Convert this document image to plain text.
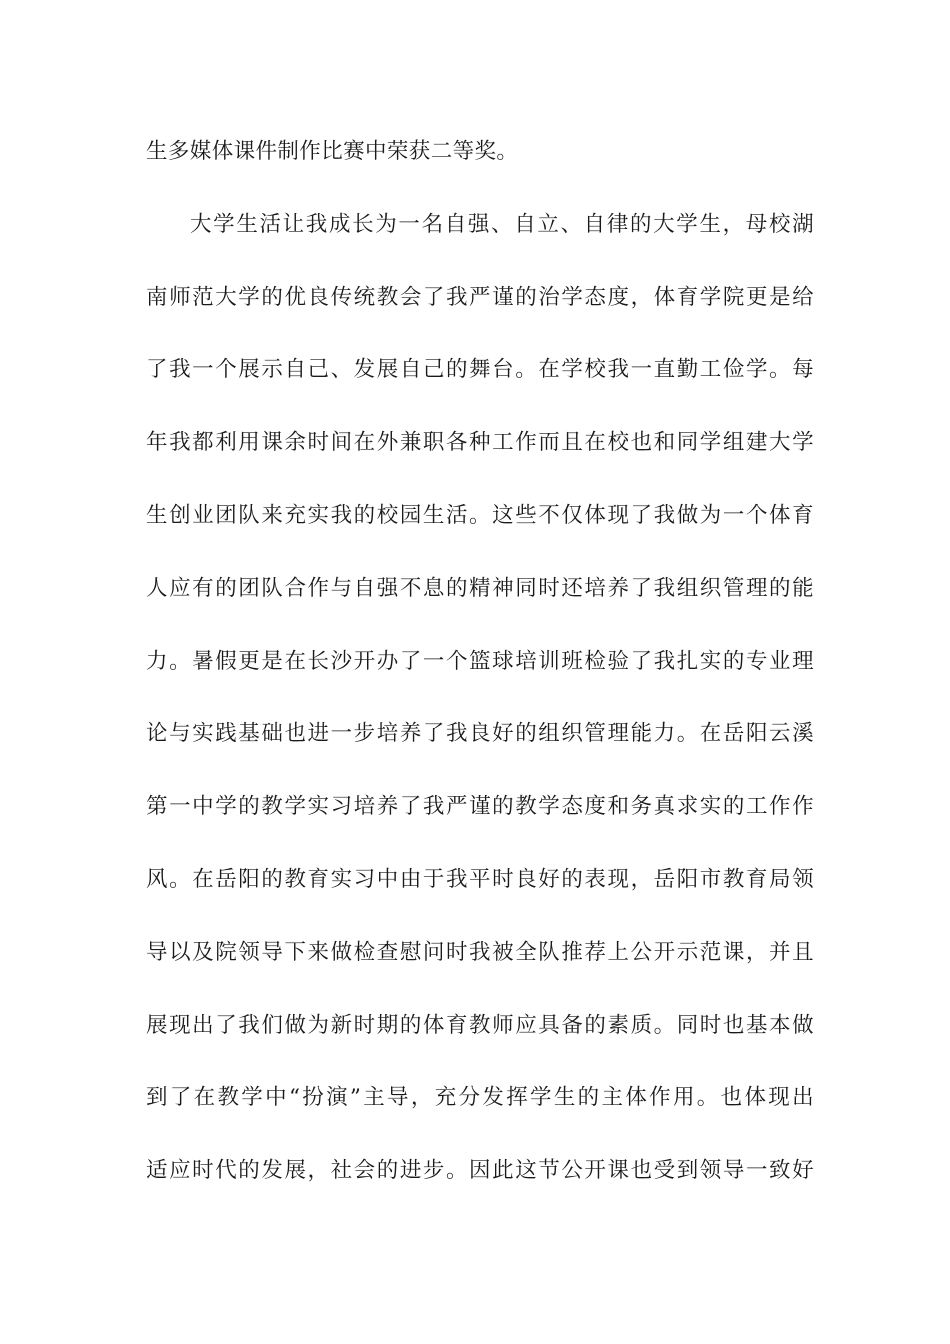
生多媒体课件制作比赛中荣获二等奖。
大学生活让我成长为一名自强、自立、自律的大学生，母校湖
南师范大学的优良传统教会了我严谨的治学态度，体育学院更是给
了我一个展示自己、发展自己的舞台。在学校我一直勤工俭学。每
年我都利用课余时间在外兼职各种工作而且在校也和同学组建大学
生创业团队来充实我的校园生活。这些不仅体现了我做为一个体育
人应有的团队合作与自强不息的精神同时还培养了我组织管理的能
力。暑假更是在长沙开办了一个篮球培训班检验了我扎实的专业理
论与实践基础也进一步培养了我良好的组织管理能力。在岳阳云溪
第一中学的教学实习培养了我严谨的教学态度和务真求实的工作作
风。在岳阳的教育实习中由于我平时良好的表现，岳阳市教育局领
导以及院领导下来做检查慰问时我被全队推荐上公开示范课，并且
展现出了我们做为新时期的体育教师应具备的素质。同时也基本做
到了在教学中“扮演”主导，充分发挥学生的主体作用。也体现出
适应时代的发展，社会的进步。因此这节公开课也受到领导一致好
